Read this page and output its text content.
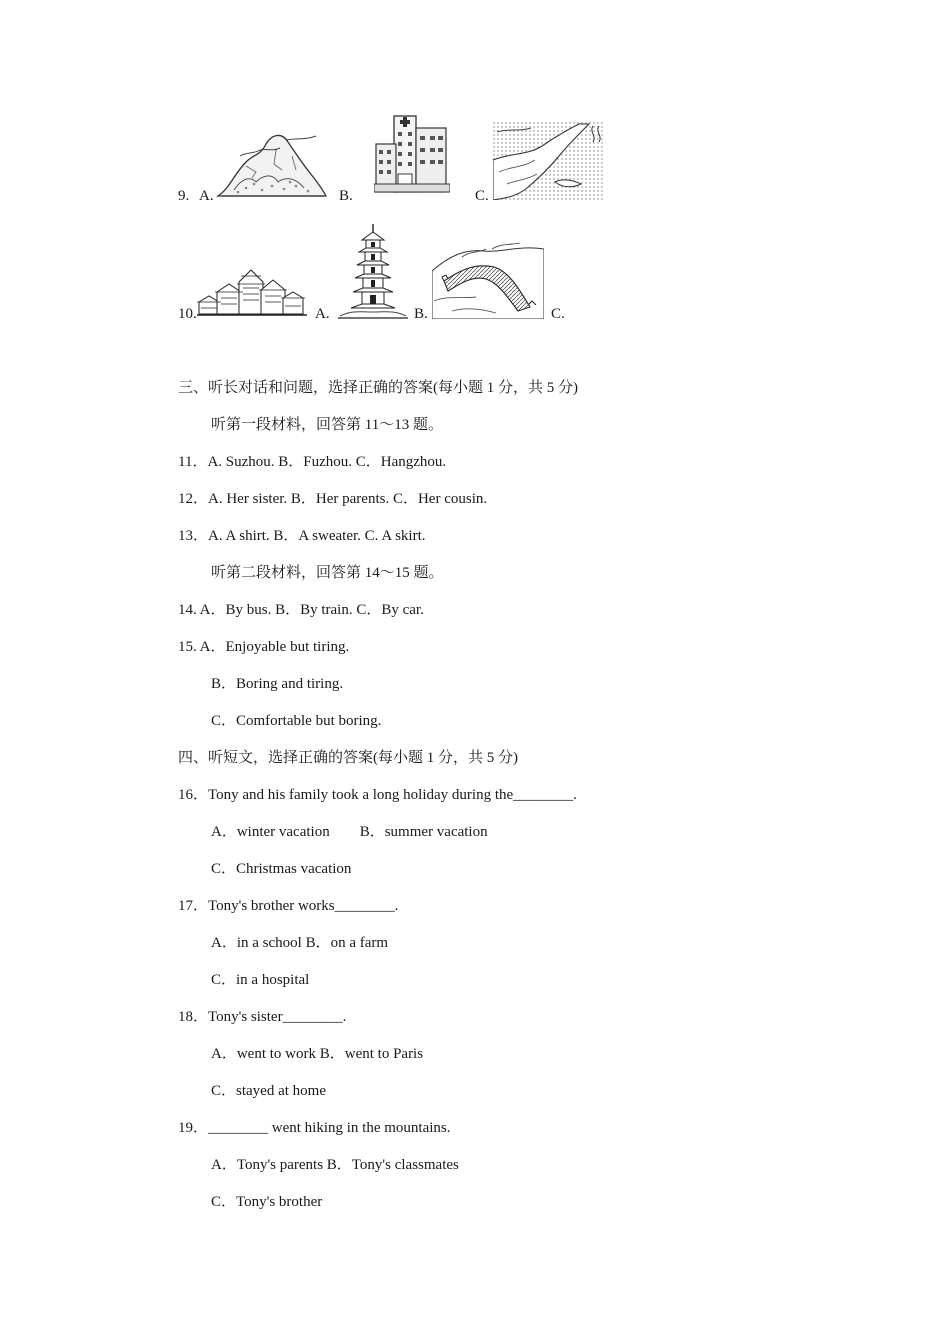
9. A.	B.	C.
10.	A.	B.	C.
三、听长对话和问题，选择正确的答案(每小题 1 分，共 5 分)
听第一段材料，回答第 11～13 题。
11．A. Suzhou. B．Fuzhou. C．Hangzhou.
12．A. Her sister. B．Her parents. C．Her cousin.
13．A. A shirt. B．A sweater. C. A skirt.
听第二段材料，回答第 14～15 题。
14. A．By bus. B．By train. C．By car.
15. A．Enjoyable but tiring.
B．Boring and tiring.
C．Comfortable but boring.
四、听短文，选择正确的答案(每小题 1 分，共 5 分)
16．Tony and his family took a long holiday during the________.
A．winter vacation        B．summer vacation
C．Christmas vacation
17．Tony's brother works________.
A．in a school B．on a farm
C．in a hospital
18．Tony's sister________.
A．went to work B．went to Paris
C．stayed at home
19．________ went hiking in the mountains.
A．Tony's parents B．Tony's classmates
C．Tony's brother
